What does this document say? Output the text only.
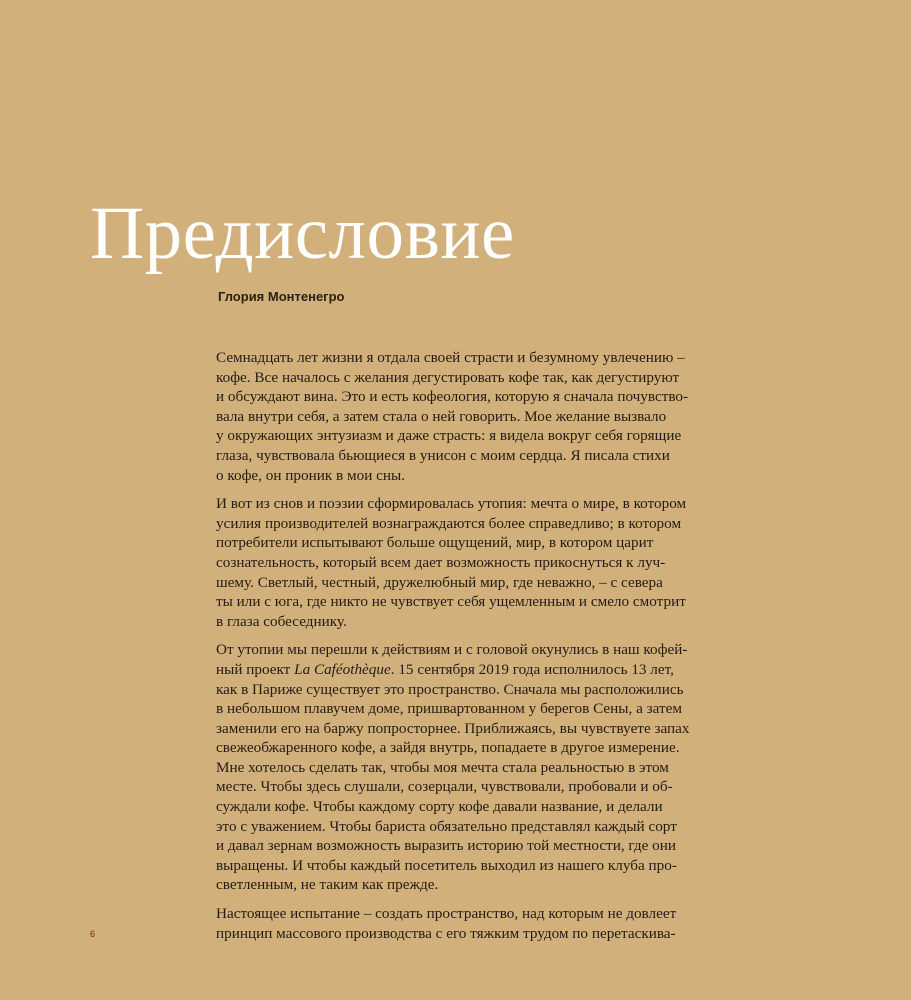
Предисловие
Глория Монтенегро

Семнадцать лет жизни я отдала своей страсти и безумному увлечению –
кофе. Все началось с желания дегустировать кофе так, как дегустируют
и обсуждают вина. Это и есть кофеология, которую я сначала почувство-
вала внутри себя, а затем стала о ней говорить. Мое желание вызвало
у окружающих энтузиазм и даже страсть: я видела вокруг себя горящие
глаза, чувствовала бьющиеся в унисон с моим сердца. Я писала стихи
о кофе, он проник в мои сны.

И вот из снов и поэзии сформировалась утопия: мечта о мире, в котором
усилия производителей вознаграждаются более справедливо; в котором
потребители испытывают больше ощущений, мир, в котором царит
сознательность, который всем дает возможность прикоснуться к луч-
шему. Светлый, честный, дружелюбный мир, где неважно, – с севера
ты или с юга, где никто не чувствует себя ущемленным и смело смотрит
в глаза собеседнику.

От утопии мы перешли к действиям и с головой окунулись в наш кофей-
ный проект La Caféothèque. 15 сентября 2019 года исполнилось 13 лет,
как в Париже существует это пространство. Сначала мы расположились
в небольшом плавучем доме, пришвартованном у берегов Сены, а затем
заменили его на баржу попросторнее. Приближаясь, вы чувствуете запах
свежеобжаренного кофе, а зайдя внутрь, попадаете в другое измерение.
Мне хотелось сделать так, чтобы моя мечта стала реальностью в этом
месте. Чтобы здесь слушали, созерцали, чувствовали, пробовали и об-
суждали кофе. Чтобы каждому сорту кофе давали название, и делали
это с уважением. Чтобы бариста обязательно представлял каждый сорт
и давал зернам возможность выразить историю той местности, где они
выращены. И чтобы каждый посетитель выходил из нашего клуба про-
светленным, не таким как прежде.

Настоящее испытание – создать пространство, над которым не довлеет
принцип массового производства с его тяжким трудом по перетаскива-

6
